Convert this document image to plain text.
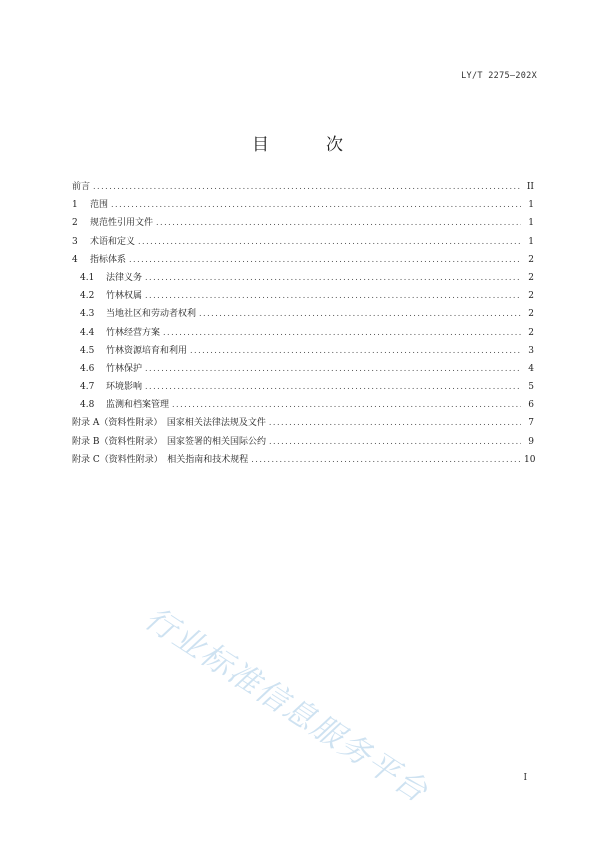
LY/T 2275—202X
目　次
前言 .....	II
1	范围 .....	1
2	规范性引用文件 .....	1
3	术语和定义 .....	1
4	指标体系 .....	2
4.1	法律义务 .....	2
4.2	竹林权属 .....	2
4.3	当地社区和劳动者权利 .....	2
4.4	竹林经营方案 .....	2
4.5	竹林资源培育和利用 .....	3
4.6	竹林保护 .....	4
4.7	环境影响 .....	5
4.8	监测和档案管理 .....	6
附录 A（资料性附录）　国家相关法律法规及文件 .....	7
附录 B（资料性附录）　国家签署的相关国际公约 .....	9
附录 C（资料性附录）　相关指南和技术规程 .....	10
行业标准信息服务平台	I
